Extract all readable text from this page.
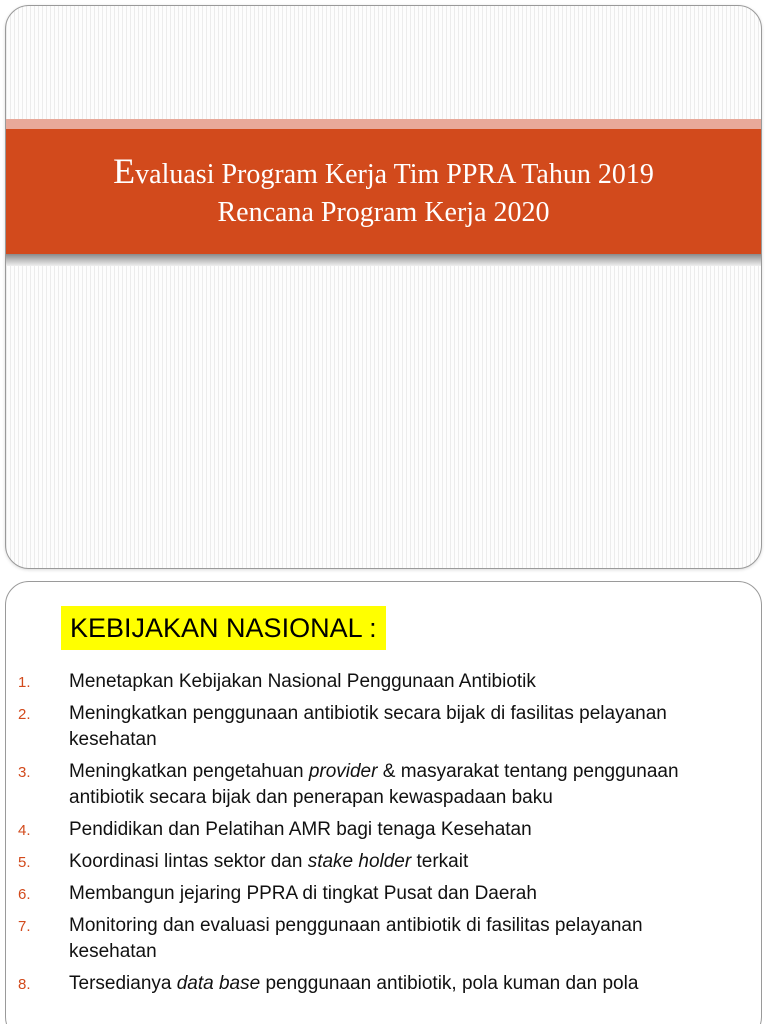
Evaluasi Program Kerja Tim PPRA Tahun 2019
Rencana Program Kerja 2020
KEBIJAKAN NASIONAL :
1. Menetapkan Kebijakan Nasional Penggunaan Antibiotik
2. Meningkatkan penggunaan antibiotik secara bijak di fasilitas pelayanan kesehatan
3. Meningkatkan pengetahuan provider & masyarakat tentang penggunaan antibiotik secara bijak dan penerapan kewaspadaan baku
4. Pendidikan dan Pelatihan AMR bagi tenaga Kesehatan
5. Koordinasi lintas sektor dan stake holder terkait
6. Membangun jejaring PPRA di tingkat Pusat dan Daerah
7. Monitoring dan evaluasi penggunaan antibiotik di fasilitas pelayanan kesehatan
8. Tersedianya data base penggunaan antibiotik, pola kuman dan pola
